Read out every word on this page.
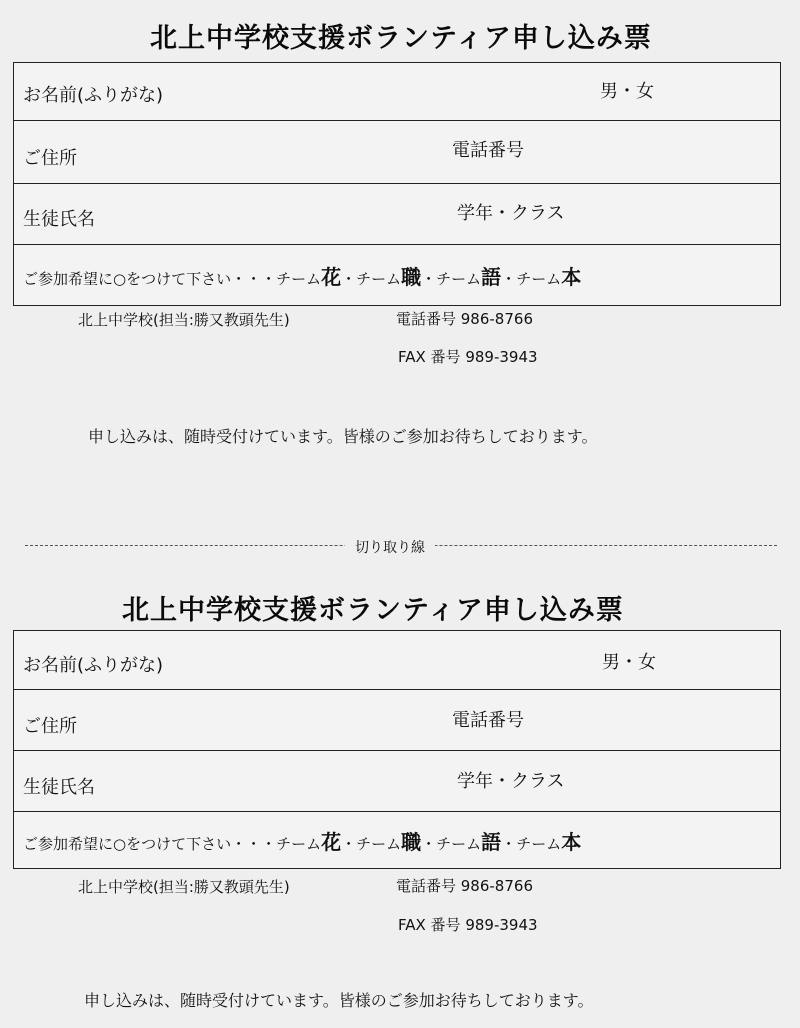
北上中学校支援ボランティア申し込み票
お名前(ふりがな)	男・女
ご住所	電話番号
生徒氏名	学年・クラス
ご参加希望に○をつけて下さい・・・チーム花・チーム職・チーム語・チーム本
北上中学校(担当:勝又教頭先生)	電話番号 986-8766
FAX 番号 989-3943
申し込みは、随時受付けています。皆様のご参加お待ちしております。
切り取り線
北上中学校支援ボランティア申し込み票
お名前(ふりがな)	男・女
ご住所	電話番号
生徒氏名	学年・クラス
ご参加希望に○をつけて下さい・・・チーム花・チーム職・チーム語・チーム本
北上中学校(担当:勝又教頭先生)	電話番号 986-8766
FAX 番号 989-3943
申し込みは、随時受付けています。皆様のご参加お待ちしております。
